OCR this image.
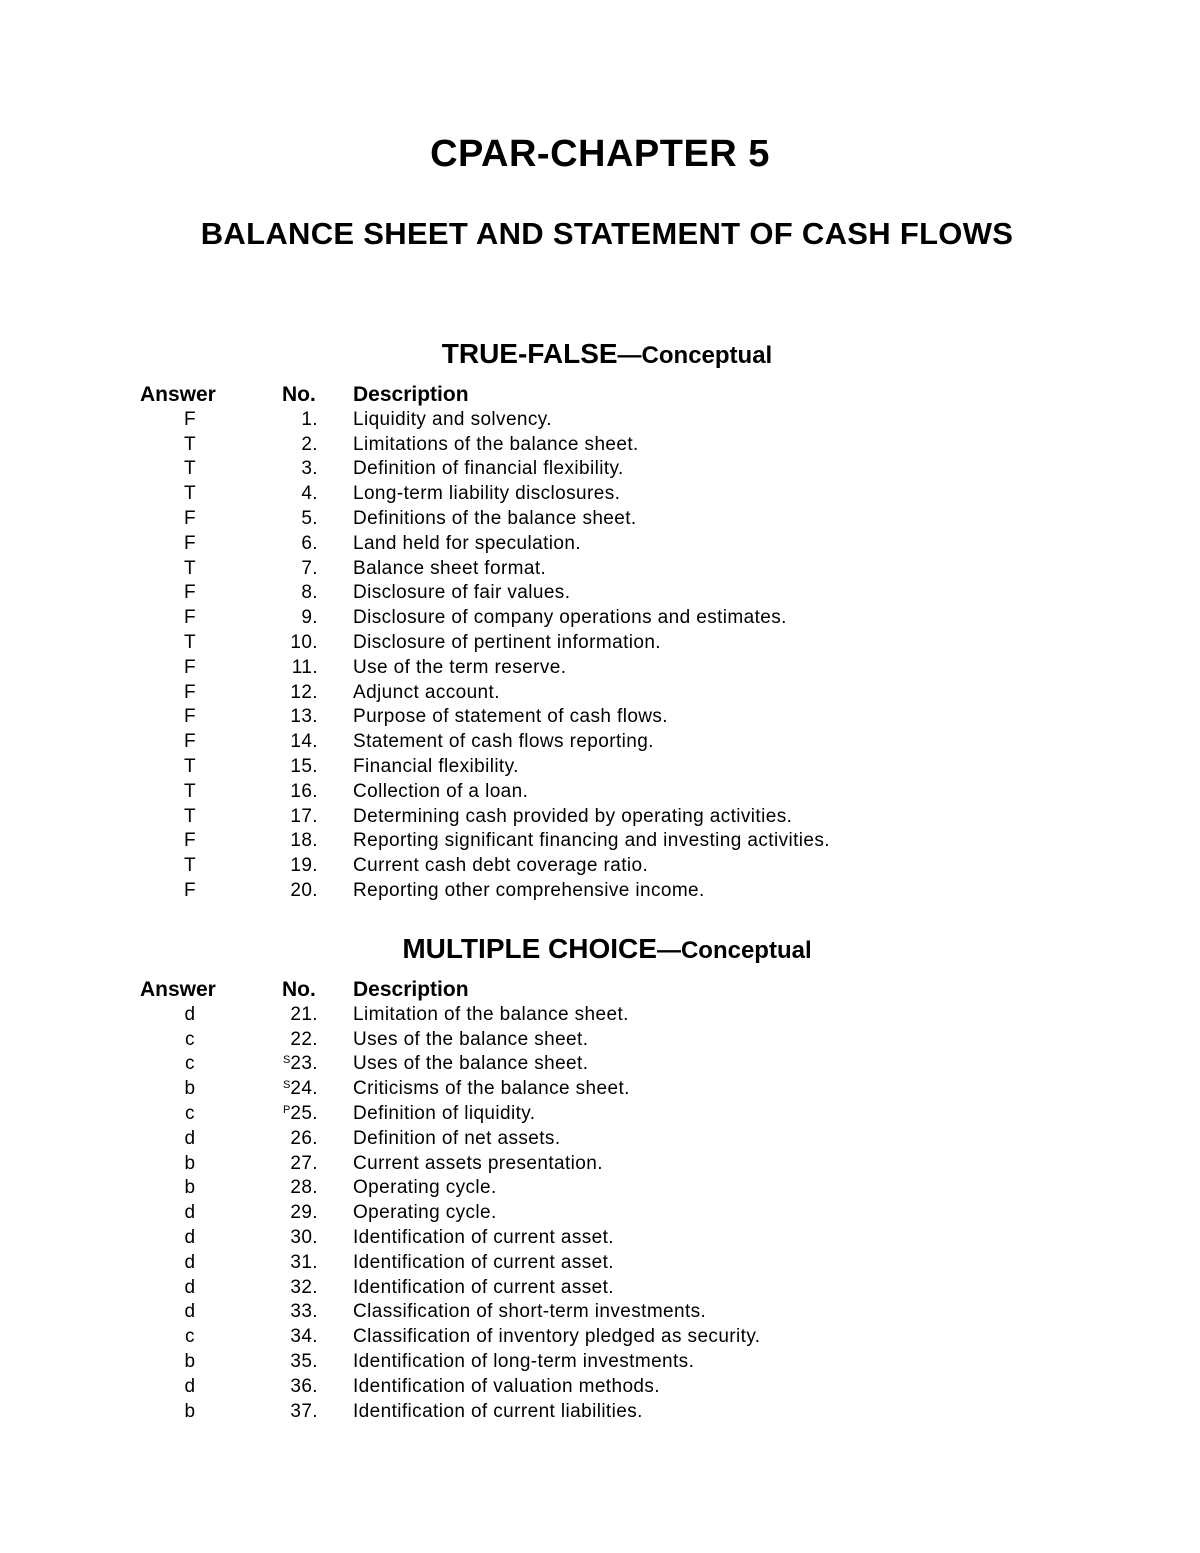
CPAR-CHAPTER 5
BALANCE SHEET AND STATEMENT OF CASH FLOWS
TRUE-FALSE—Conceptual
Answer	No. Description
F	1. Liquidity and solvency.
T	2. Limitations of the balance sheet.
T	3. Definition of financial flexibility.
T	4. Long-term liability disclosures.
F	5. Definitions of the balance sheet.
F	6. Land held for speculation.
T	7. Balance sheet format.
F	8. Disclosure of fair values.
F	9. Disclosure of company operations and estimates.
T	10. Disclosure of pertinent information.
F	11. Use of the term reserve.
F	12. Adjunct account.
F	13. Purpose of statement of cash flows.
F	14. Statement of cash flows reporting.
T	15. Financial flexibility.
T	16. Collection of a loan.
T	17. Determining cash provided by operating activities.
F	18. Reporting significant financing and investing activities.
T	19. Current cash debt coverage ratio.
F	20. Reporting other comprehensive income.
MULTIPLE CHOICE—Conceptual
Answer	No. Description
d	21. Limitation of the balance sheet.
c	22. Uses of the balance sheet.
c	$^S$23. Uses of the balance sheet.
b	$^S$24. Criticisms of the balance sheet.
c	$^P$25. Definition of liquidity.
d	26. Definition of net assets.
b	27. Current assets presentation.
b	28. Operating cycle.
d	29. Operating cycle.
d	30. Identification of current asset.
d	31. Identification of current asset.
d	32. Identification of current asset.
d	33. Classification of short-term investments.
c	34. Classification of inventory pledged as security.
b	35. Identification of long-term investments.
d	36. Identification of valuation methods.
b	37. Identification of current liabilities.
